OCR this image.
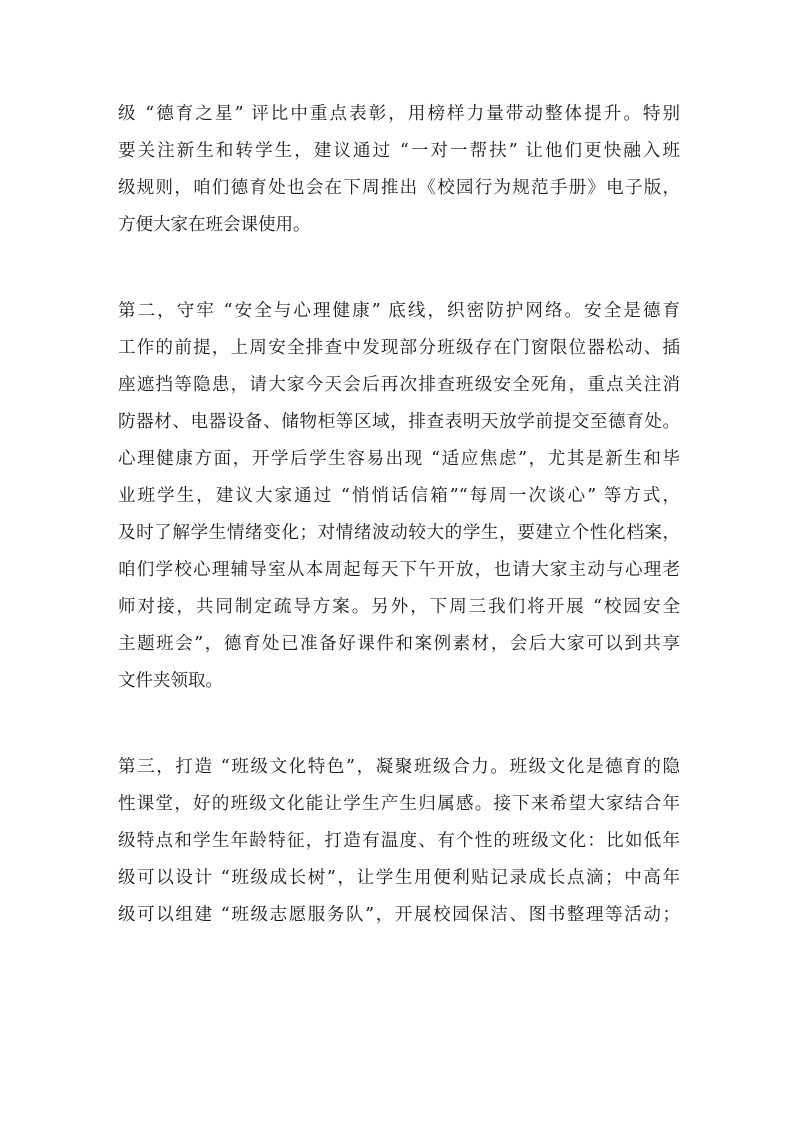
级 “德育之星” 评比中重点表彰，用榜样力量带动整体提升。特别
要关注新生和转学生，建议通过 “一对一帮扶” 让他们更快融入班
级规则，咱们德育处也会在下周推出《校园行为规范手册》电子版，
方便大家在班会课使用。
第二，守牢 “安全与心理健康” 底线，织密防护网络。安全是德育
工作的前提，上周安全排查中发现部分班级存在门窗限位器松动、插
座遮挡等隐患，请大家今天会后再次排查班级安全死角，重点关注消
防器材、电器设备、储物柜等区域，排查表明天放学前提交至德育处。
心理健康方面，开学后学生容易出现 “适应焦虑”，尤其是新生和毕
业班学生，建议大家通过 “悄悄话信箱”“每周一次谈心” 等方式，
及时了解学生情绪变化；对情绪波动较大的学生，要建立个性化档案，
咱们学校心理辅导室从本周起每天下午开放，也请大家主动与心理老
师对接，共同制定疏导方案。另外，下周三我们将开展 “校园安全
主题班会”，德育处已准备好课件和案例素材，会后大家可以到共享
文件夹领取。
第三，打造 “班级文化特色”，凝聚班级合力。班级文化是德育的隐
性课堂，好的班级文化能让学生产生归属感。接下来希望大家结合年
级特点和学生年龄特征，打造有温度、有个性的班级文化：比如低年
级可以设计 “班级成长树”，让学生用便利贴记录成长点滴；中高年
级可以组建 “班级志愿服务队”，开展校园保洁、图书整理等活动；
